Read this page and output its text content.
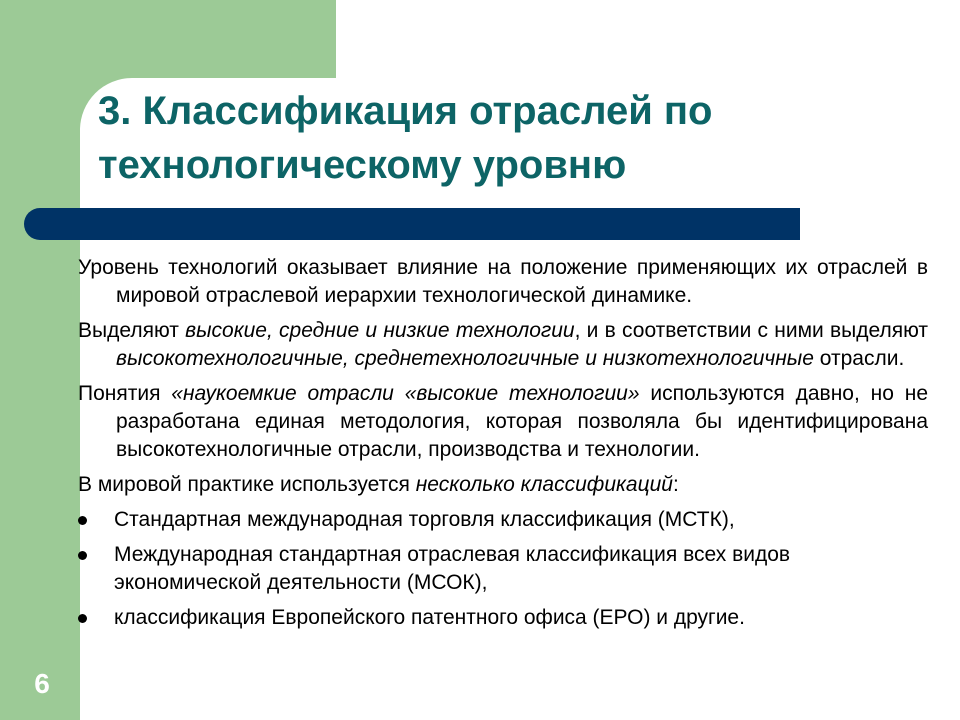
3. Классификация отраслей по
технологическому уровню
6

Уровень технологий оказывает влияние на положение применяющих их отраслей в мировой отраслевой иерархии технологической динамике.

Выделяют высокие, средние и низкие технологии, и в соответствии с ними выделяют высокотехнологичные, среднетехнологичные и низкотехнологичные отрасли.

Понятия «наукоемкие отрасли «высокие технологии» используются давно, но не разработана единая методология, которая позволяла бы идентифицирована высокотехнологичные отрасли, производства и технологии.

В мировой практике используется несколько классификаций:

Стандартная международная торговля классификация (МСТК),
Международная стандартная отраслевая классификация всех видов экономической деятельности (МСОК),
классификация Европейского патентного офиса (ЕРО) и другие.
